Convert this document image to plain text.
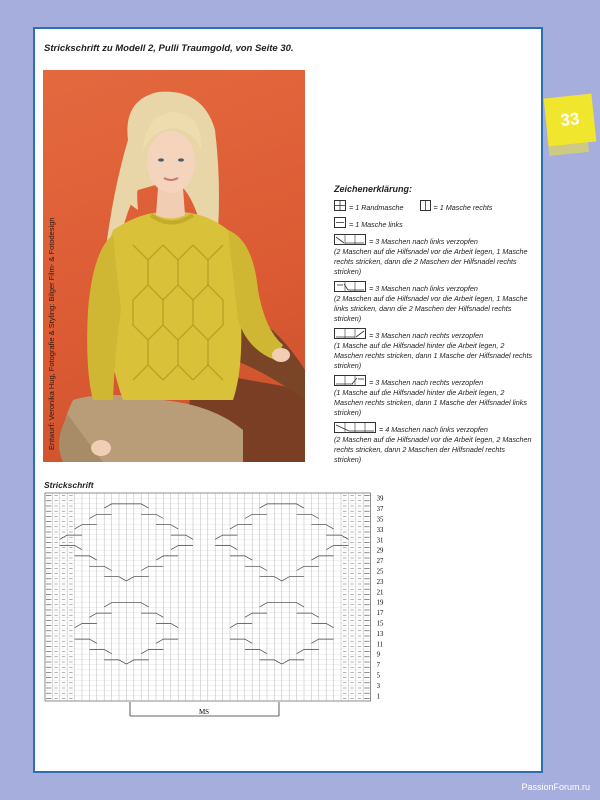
33
Strickschrift zu Modell 2, Pulli Traumgold, von Seite 30.
Entwurf: Veronika Hug, Fotografie & Styling: Bilger Film- & Fotodesign
Zeichenerklärung:
= 1 Randmasche	= 1 Masche rechts
= 1 Masche links
= 3 Maschen nach links verzopfen
(2 Maschen auf die Hilfsnadel vor die Arbeit legen, 1 Masche rechts stricken, dann die 2 Maschen der Hilfsnadel rechts stricken)
= 3 Maschen nach links verzopfen
(2 Maschen auf die Hilfsnadel vor die Arbeit legen, 1 Masche links stricken, dann die 2 Maschen der Hilfsnadel rechts stricken)
= 3 Maschen nach rechts verzopfen
(1 Masche auf die Hilfsnadel hinter die Arbeit legen, 2 Maschen rechts stricken, dann 1 Masche der Hilfsnadel rechts stricken)
= 3 Maschen nach rechts verzopfen
(1 Masche auf die Hilfsnadel hinter die Arbeit legen, 2 Maschen rechts stricken, dann 1 Masche der Hilfsnadel links stricken)
= 4 Maschen nach links verzopfen
(2 Maschen auf die Hilfsnadel vor die Arbeit legen, 2 Maschen rechts stricken, dann 2 Maschen der Hilfsnadel rechts stricken)
Strickschrift
39
37
35
33
31
29
27
25
23
21
19
17
15
13
11
9
7
5
3
1
MS
PassionForum.ru
